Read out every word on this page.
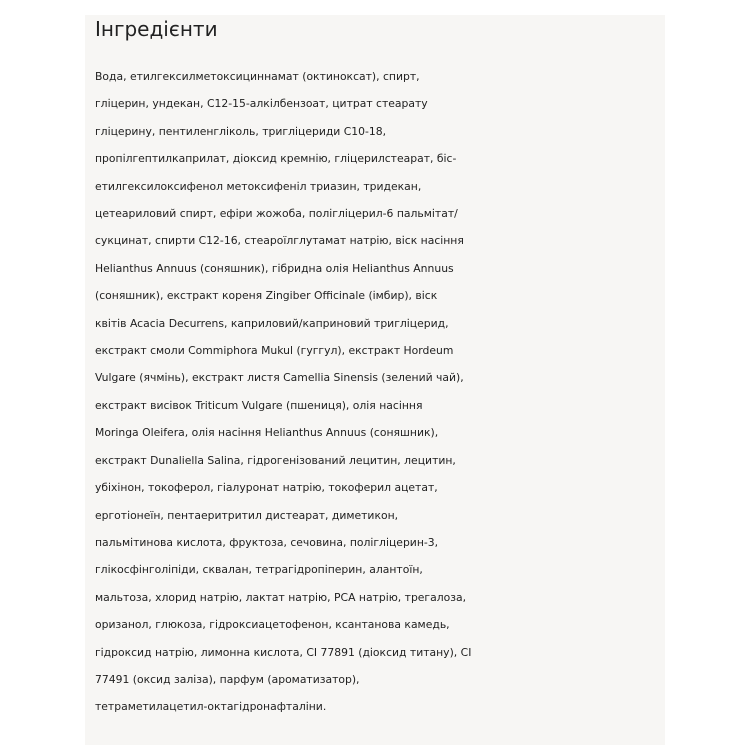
Інгредієнти

Вода, етилгексилметоксициннамат (октиноксат), спирт,
гліцерин, ундекан, С12-15-алкілбензоат, цитрат стеарату
гліцерину, пентиленгліколь, тригліцериди C10-18,
пропілгептилкаприлат, діоксид кремнію, гліцерилстеарат, біс-
етилгексилоксифенол метоксифеніл триазин, тридекан,
цетеариловий спирт, ефіри жожоба, полігліцерил-6 пальмітат/
сукцинат, спирти С12-16, стеароїлглутамат натрію, віск насіння
Helianthus Annuus (соняшник), гібридна олія Helianthus Annuus
(соняшник), екстракт кореня Zingiber Officinale (імбир), віск
квітів Acacia Decurrens, каприловий/каприновий тригліцерид,
екстракт смоли Commiphora Mukul (гуггул), екстракт Hordeum
Vulgare (ячмінь), екстракт листя Camellia Sinensis (зелений чай),
екстракт висівок Triticum Vulgare (пшениця), олія насіння
Moringa Oleifera, олія насіння Helianthus Annuus (соняшник),
екстракт Dunaliella Salina, гідрогенізований лецитин, лецитин,
убіхінон, токоферол, гіалуронат натрію, токоферил ацетат,
ерготіонеїн, пентаеритритил дистеарат, диметикон,
пальмітинова кислота, фруктоза, сечовина, полігліцерин-3,
глікосфінголіпіди, сквалан, тетрагідропіперин, алантоїн,
мальтоза, хлорид натрію, лактат натрію, PCA натрію, трегалоза,
оризанол, глюкоза, гідроксиацетофенон, ксантанова камедь,
гідроксид натрію, лимонна кислота, CI 77891 (діоксид титану), CI
77491 (оксид заліза), парфум (ароматизатор),
тетраметилацетил-октагідронафталіни.
